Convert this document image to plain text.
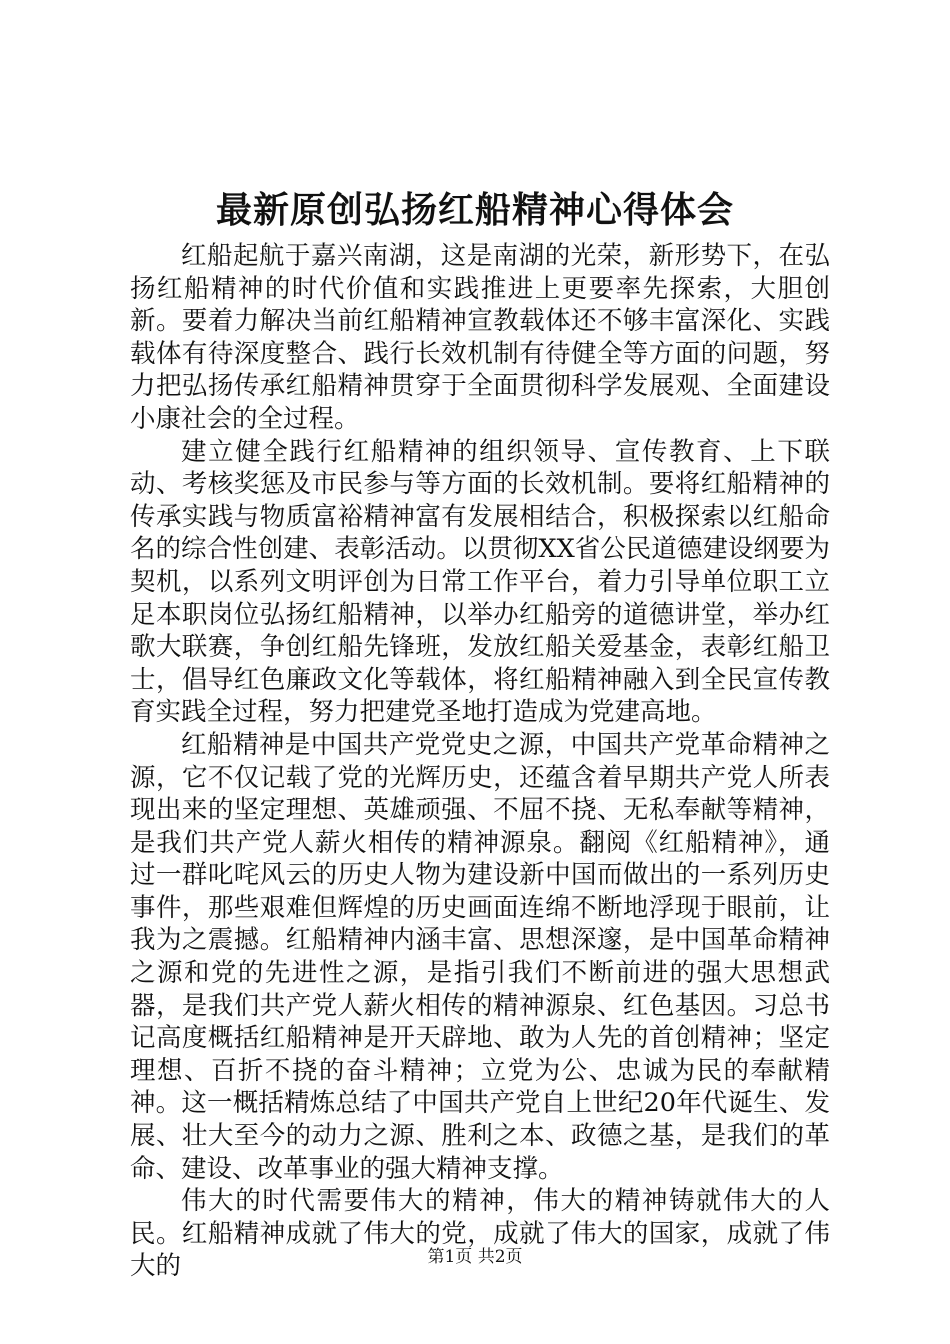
最新原创弘扬红船精神心得体会

红船起航于嘉兴南湖，这是南湖的光荣，新形势下，在弘扬红船精神的时代价值和实践推进上更要率先探索，大胆创新。要着力解决当前红船精神宣教载体还不够丰富深化、实践载体有待深度整合、践行长效机制有待健全等方面的问题，努力把弘扬传承红船精神贯穿于全面贯彻科学发展观、全面建设小康社会的全过程。

建立健全践行红船精神的组织领导、宣传教育、上下联动、考核奖惩及市民参与等方面的长效机制。要将红船精神的传承实践与物质富裕精神富有发展相结合，积极探索以红船命名的综合性创建、表彰活动。以贯彻XX省公民道德建设纲要为契机，以系列文明评创为日常工作平台，着力引导单位职工立足本职岗位弘扬红船精神，以举办红船旁的道德讲堂，举办红歌大联赛，争创红船先锋班，发放红船关爱基金，表彰红船卫士，倡导红色廉政文化等载体，将红船精神融入到全民宣传教育实践全过程，努力把建党圣地打造成为党建高地。

红船精神是中国共产党党史之源，中国共产党革命精神之源，它不仅记载了党的光辉历史，还蕴含着早期共产党人所表现出来的坚定理想、英雄顽强、不屈不挠、无私奉献等精神，是我们共产党人薪火相传的精神源泉。翻阅《红船精神》，通过一群叱咤风云的历史人物为建设新中国而做出的一系列历史事件，那些艰难但辉煌的历史画面连绵不断地浮现于眼前，让我为之震撼。红船精神内涵丰富、思想深邃，是中国革命精神之源和党的先进性之源，是指引我们不断前进的强大思想武器，是我们共产党人薪火相传的精神源泉、红色基因。习总书记高度概括红船精神是开天辟地、敢为人先的首创精神；坚定理想、百折不挠的奋斗精神；立党为公、忠诚为民的奉献精神。这一概括精炼总结了中国共产党自上世纪20年代诞生、发展、壮大至今的动力之源、胜利之本、政德之基，是我们的革命、建设、改革事业的强大精神支撑。

伟大的时代需要伟大的精神，伟大的精神铸就伟大的人民。红船精神成就了伟大的党，成就了伟大的国家，成就了伟大的	第1页 共2页
